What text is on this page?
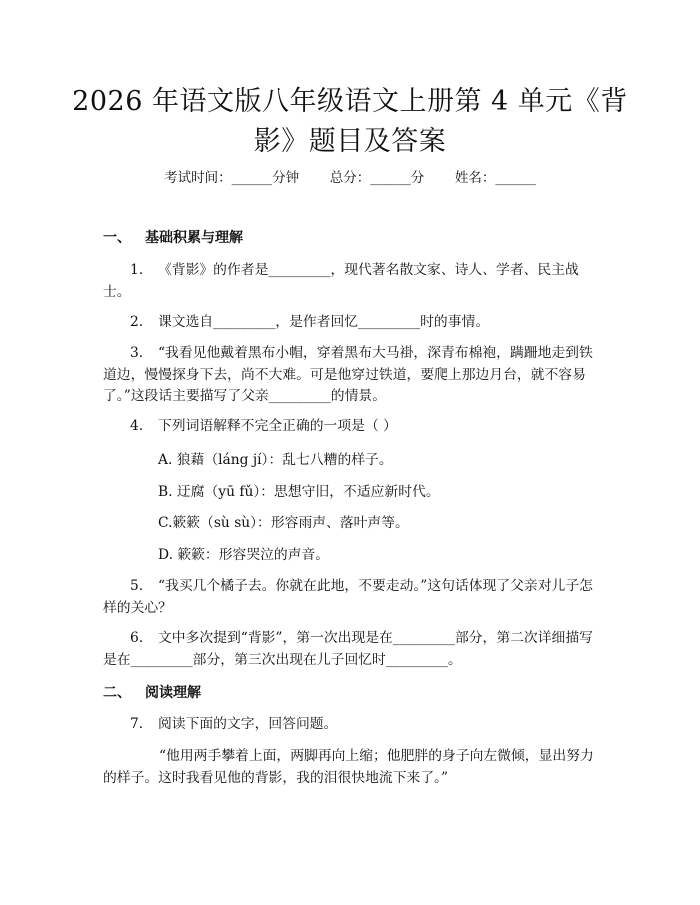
2026 年语文版八年级语文上册第 4 单元《背
影》题目及答案
考试时间：______分钟 总分：______分 姓名：______
一、 基础积累与理解
1. 《背影》的作者是_________，现代著名散文家、诗人、学者、民主战士。
2. 课文选自_________，是作者回忆_________时的事情。
3. “我看见他戴着黑布小帽，穿着黑布大马褂，深青布棉袍，蹒跚地走到铁道边，慢慢探身下去，尚不大难。可是他穿过铁道，要爬上那边月台，就不容易了。”这段话主要描写了父亲_________的情景。
4. 下列词语解释不完全正确的一项是（ ）
A. 狼藉（láng jí）：乱七八糟的样子。
B. 迂腐（yū fǔ）：思想守旧，不适应新时代。
C.簌簌（sù sù）：形容雨声、落叶声等。
D. 簌簌：形容哭泣的声音。
5. “我买几个橘子去。你就在此地，不要走动。”这句话体现了父亲对儿子怎样的关心？
6. 文中多次提到“背影”，第一次出现是在_________部分，第二次详细描写是在_________部分，第三次出现在儿子回忆时_________。
二、 阅读理解
7. 阅读下面的文字，回答问题。
“他用两手攀着上面，两脚再向上缩；他肥胖的身子向左微倾，显出努力的样子。这时我看见他的背影，我的泪很快地流下来了。”
